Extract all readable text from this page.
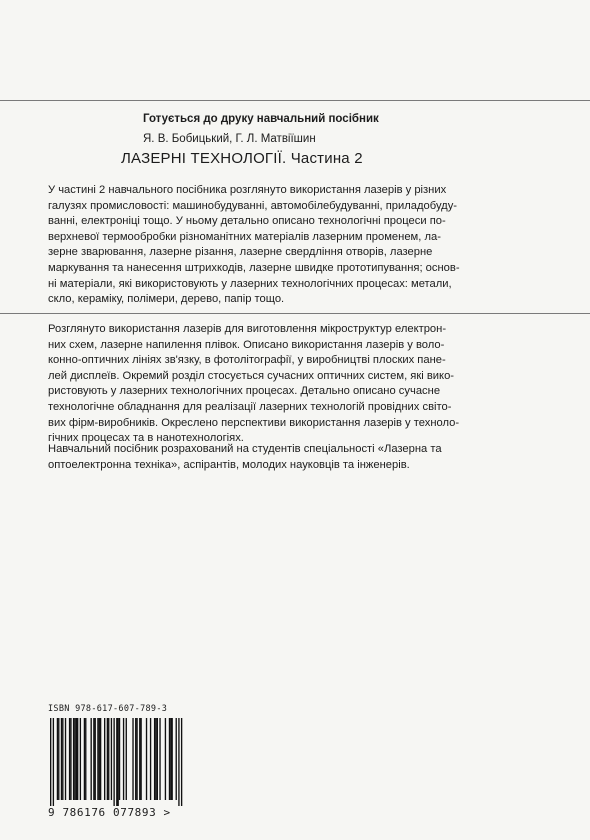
Готується до друку навчальний посібник
Я. В. Бобицький, Г. Л. Матвіїшин
ЛАЗЕРНІ ТЕХНОЛОГІЇ. Частина 2

У частині 2 навчального посібника розглянуто використання лазерів у різних
галузях промисловості: машинобудуванні, автомобілебудуванні, приладобуду-
ванні, електроніці тощо. У ньому детально описано технологічні процеси по-
верхневої термообробки різноманітних матеріалів лазерним променем, ла-
зерне зварювання, лазерне різання, лазерне свердління отворів, лазерне
маркування та нанесення штрихкодів, лазерне швидке прототипування; основ-
ні матеріали, які використовують у лазерних технологічних процесах: метали,
скло, кераміку, полімери, дерево, папір тощо.

Розглянуто використання лазерів для виготовлення мікроструктур електрон-
них схем, лазерне напилення плівок. Описано використання лазерів у воло-
конно-оптичних лініях зв'язку, в фотолітографії, у виробництві плоских пане-
лей дисплеїв. Окремий розділ стосується сучасних оптичних систем, які вико-
ристовують у лазерних технологічних процесах. Детально описано сучасне
технологічне обладнання для реалізації лазерних технологій провідних світо-
вих фірм-виробників. Окреслено перспективи використання лазерів у техноло-
гічних процесах та в нанотехнологіях.

Навчальний посібник розрахований на студентів спеціальності «Лазерна та
оптоелектронна техніка», аспірантів, молодих науковців та інженерів.

ISBN 978-617-607-789-3
9 786176 077893 >
